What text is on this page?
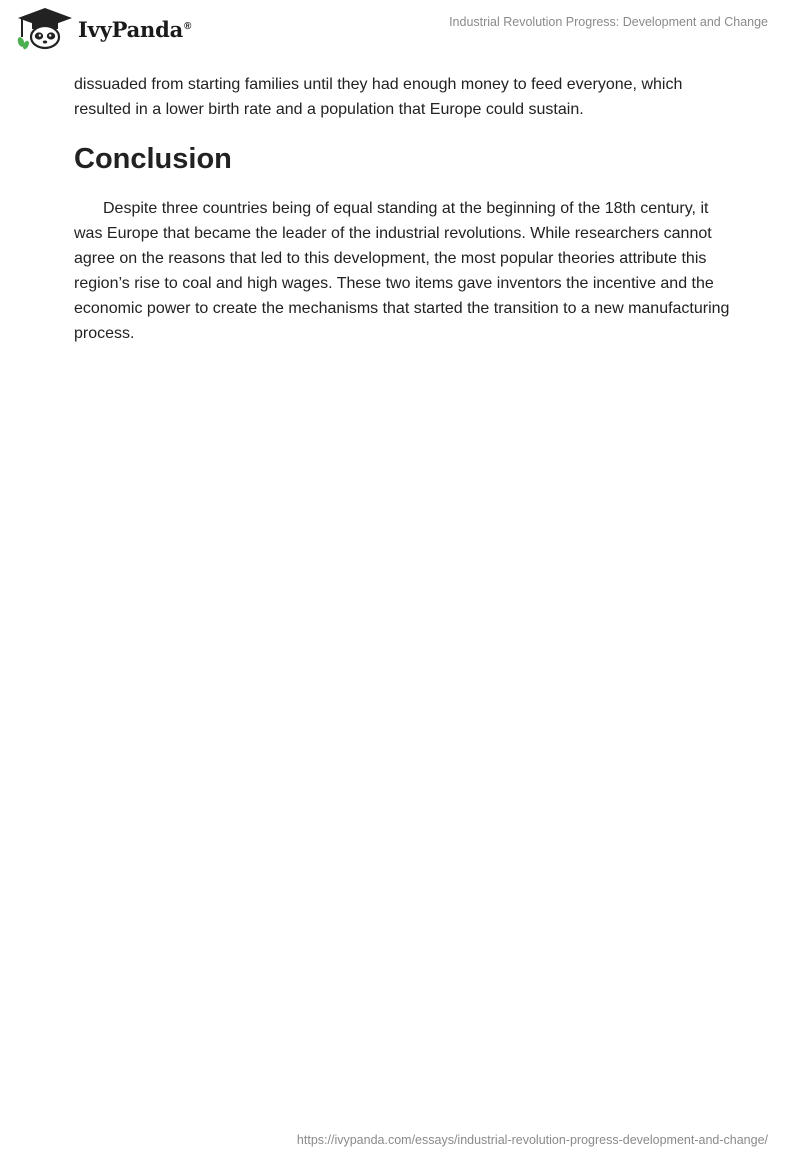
IvyPanda®	Industrial Revolution Progress: Development and Change

dissuaded from starting families until they had enough money to feed everyone, which resulted in a lower birth rate and a population that Europe could sustain.

Conclusion

Despite three countries being of equal standing at the beginning of the 18th century, it was Europe that became the leader of the industrial revolutions. While researchers cannot agree on the reasons that led to this development, the most popular theories attribute this region’s rise to coal and high wages. These two items gave inventors the incentive and the economic power to create the mechanisms that started the transition to a new manufacturing process.

https://ivypanda.com/essays/industrial-revolution-progress-development-and-change/
